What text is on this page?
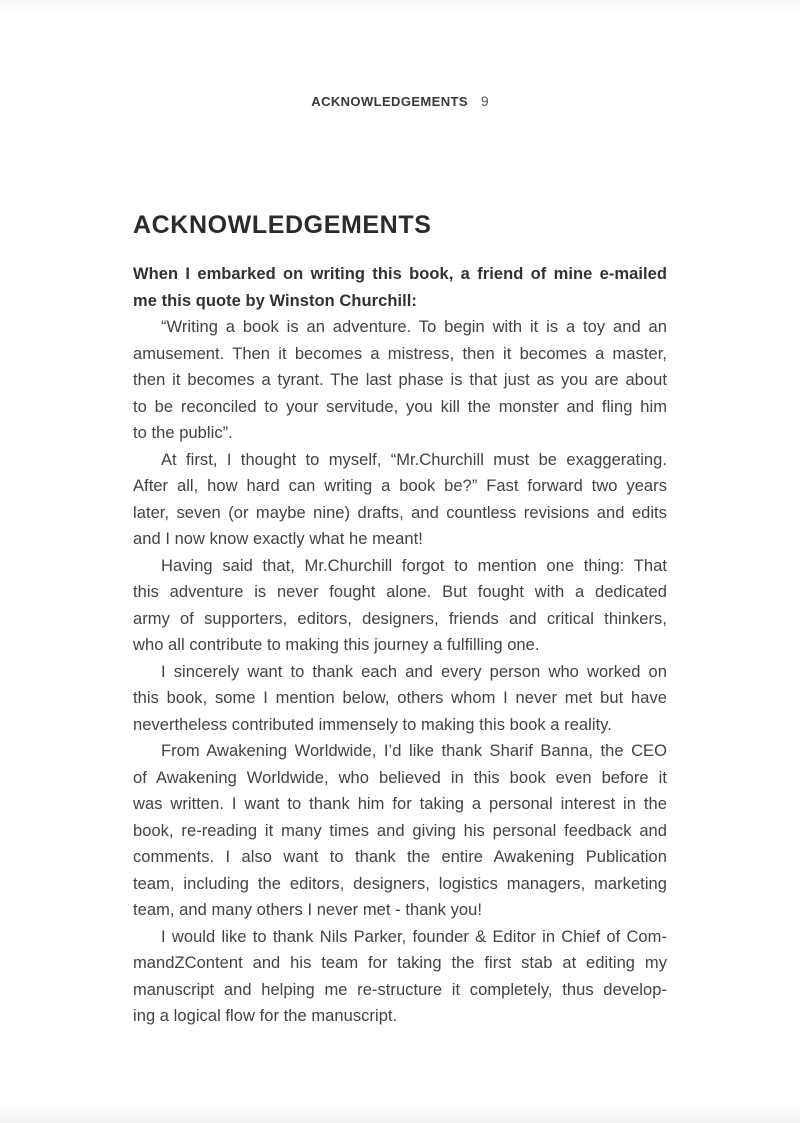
ACKNOWLEDGEMENTS 9
ACKNOWLEDGEMENTS
When I embarked on writing this book, a friend of mine e-mailed
me this quote by Winston Churchill:
“Writing a book is an adventure. To begin with it is a toy and an
amusement. Then it becomes a mistress, then it becomes a master,
then it becomes a tyrant. The last phase is that just as you are about
to be reconciled to your servitude, you kill the monster and fling him
to the public”.
At first, I thought to myself, “Mr.Churchill must be exaggerating.
After all, how hard can writing a book be?” Fast forward two years
later, seven (or maybe nine) drafts, and countless revisions and edits
and I now know exactly what he meant!
Having said that, Mr.Churchill forgot to mention one thing: That
this adventure is never fought alone. But fought with a dedicated
army of supporters, editors, designers, friends and critical thinkers,
who all contribute to making this journey a fulfilling one.
I sincerely want to thank each and every person who worked on
this book, some I mention below, others whom I never met but have
nevertheless contributed immensely to making this book a reality.
From Awakening Worldwide, I’d like thank Sharif Banna, the CEO
of Awakening Worldwide, who believed in this book even before it
was written. I want to thank him for taking a personal interest in the
book, re-reading it many times and giving his personal feedback and
comments. I also want to thank the entire Awakening Publication
team, including the editors, designers, logistics managers, marketing
team, and many others I never met - thank you!
I would like to thank Nils Parker, founder & Editor in Chief of Com-
mandZContent and his team for taking the first stab at editing my
manuscript and helping me re-structure it completely, thus develop-
ing a logical flow for the manuscript.
